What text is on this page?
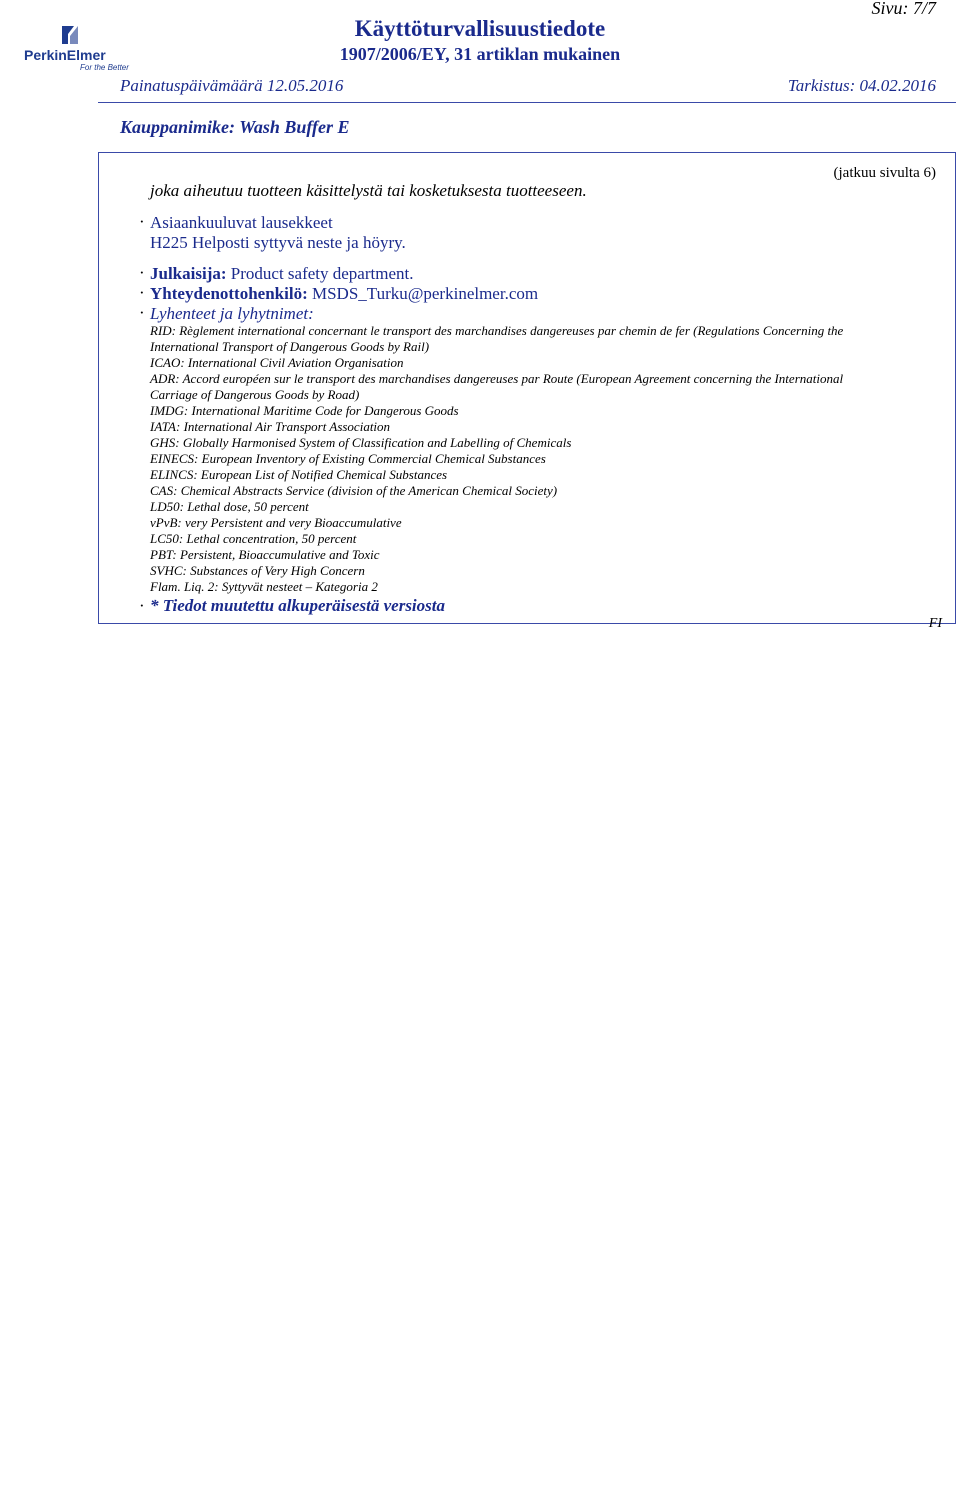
PerkinElmer
For the Better
Sivu: 7/7
Käyttöturvallisuustiedote
1907/2006/EY, 31 artiklan mukainen
Painatuspäivämäärä 12.05.2016	Tarkistus: 04.02.2016
Kauppanimike: Wash Buffer E
(jatkuu sivulta 6)
joka aiheutuu tuotteen käsittelystä tai kosketuksesta tuotteeseen.
· Asiaankuuluvat lausekkeet
H225 Helposti syttyvä neste ja höyry.
· Julkaisija: Product safety department.
· Yhteydenottohenkilö: MSDS_Turku@perkinelmer.com
· Lyhenteet ja lyhytnimet:
RID: Règlement international concernant le transport des marchandises dangereuses par chemin de fer (Regulations Concerning the
International Transport of Dangerous Goods by Rail)
ICAO: International Civil Aviation Organisation
ADR: Accord européen sur le transport des marchandises dangereuses par Route (European Agreement concerning the International
Carriage of Dangerous Goods by Road)
IMDG: International Maritime Code for Dangerous Goods
IATA: International Air Transport Association
GHS: Globally Harmonised System of Classification and Labelling of Chemicals
EINECS: European Inventory of Existing Commercial Chemical Substances
ELINCS: European List of Notified Chemical Substances
CAS: Chemical Abstracts Service (division of the American Chemical Society)
LD50: Lethal dose, 50 percent
vPvB: very Persistent and very Bioaccumulative
LC50: Lethal concentration, 50 percent
PBT: Persistent, Bioaccumulative and Toxic
SVHC: Substances of Very High Concern
Flam. Liq. 2: Syttyvät nesteet – Kategoria 2
· * Tiedot muutettu alkuperäisestä versiosta
FI
